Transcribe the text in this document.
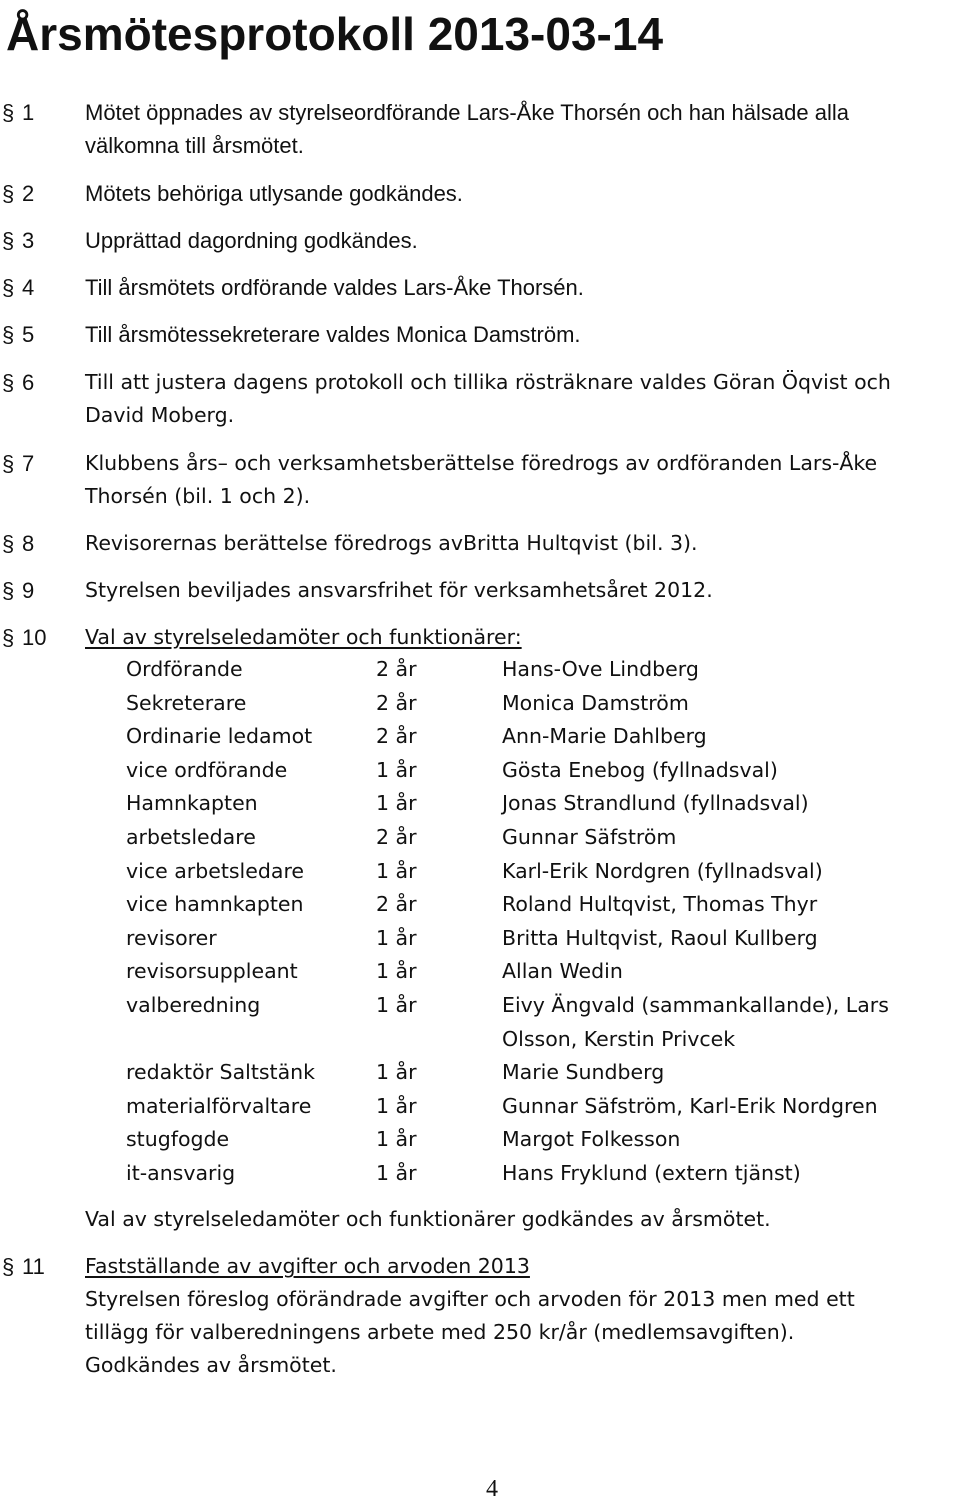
Årsmötesprotokoll 2013-03-14
§ 1 Mötet öppnades av styrelseordförande Lars-Åke Thorsén och han hälsade alla
välkomna till årsmötet.
§ 2 Mötets behöriga utlysande godkändes.
§ 3 Upprättad dagordning godkändes.
§ 4 Till årsmötets ordförande valdes Lars-Åke Thorsén.
§ 5 Till årsmötessekreterare valdes Monica Damström.
§ 6 Till att justera dagens protokoll och tillika rösträknare valdes Göran Öqvist och
David Moberg.
§ 7 Klubbens års– och verksamhetsberättelse föredrogs av ordföranden Lars-Åke
Thorsén (bil. 1 och 2).
§ 8 Revisorernas berättelse föredrogs avBritta Hultqvist (bil. 3).
§ 9 Styrelsen beviljades ansvarsfrihet för verksamhetsåret 2012.
§ 10 Val av styrelseledamöter och funktionärer:
Ordförande	2 år	Hans-Ove Lindberg
Sekreterare	2 år	Monica Damström
Ordinarie ledamot	2 år	Ann-Marie Dahlberg
vice ordförande	1 år	Gösta Enebog (fyllnadsval)
Hamnkapten	1 år	Jonas Strandlund (fyllnadsval)
arbetsledare	2 år	Gunnar Säfström
vice arbetsledare	1 år	Karl-Erik Nordgren (fyllnadsval)
vice hamnkapten	2 år	Roland Hultqvist, Thomas Thyr
revisorer	1 år	Britta Hultqvist, Raoul Kullberg
revisorsuppleant	1 år	Allan Wedin
valberedning	1 år	Eivy Ängvald (sammankallande), Lars Olsson, Kerstin Privcek
redaktör Saltstänk	1 år	Marie Sundberg
materialförvaltare	1 år	Gunnar Säfström, Karl-Erik Nordgren
stugfogde	1 år	Margot Folkesson
it-ansvarig	1 år	Hans Fryklund (extern tjänst)
Val av styrelseledamöter och funktionärer godkändes av årsmötet.
§ 11 Fastställande av avgifter och arvoden 2013
Styrelsen föreslog oförändrade avgifter och arvoden för 2013 men med ett
tillägg för valberedningens arbete med 250 kr/år (medlemsavgiften).
Godkändes av årsmötet.
4
